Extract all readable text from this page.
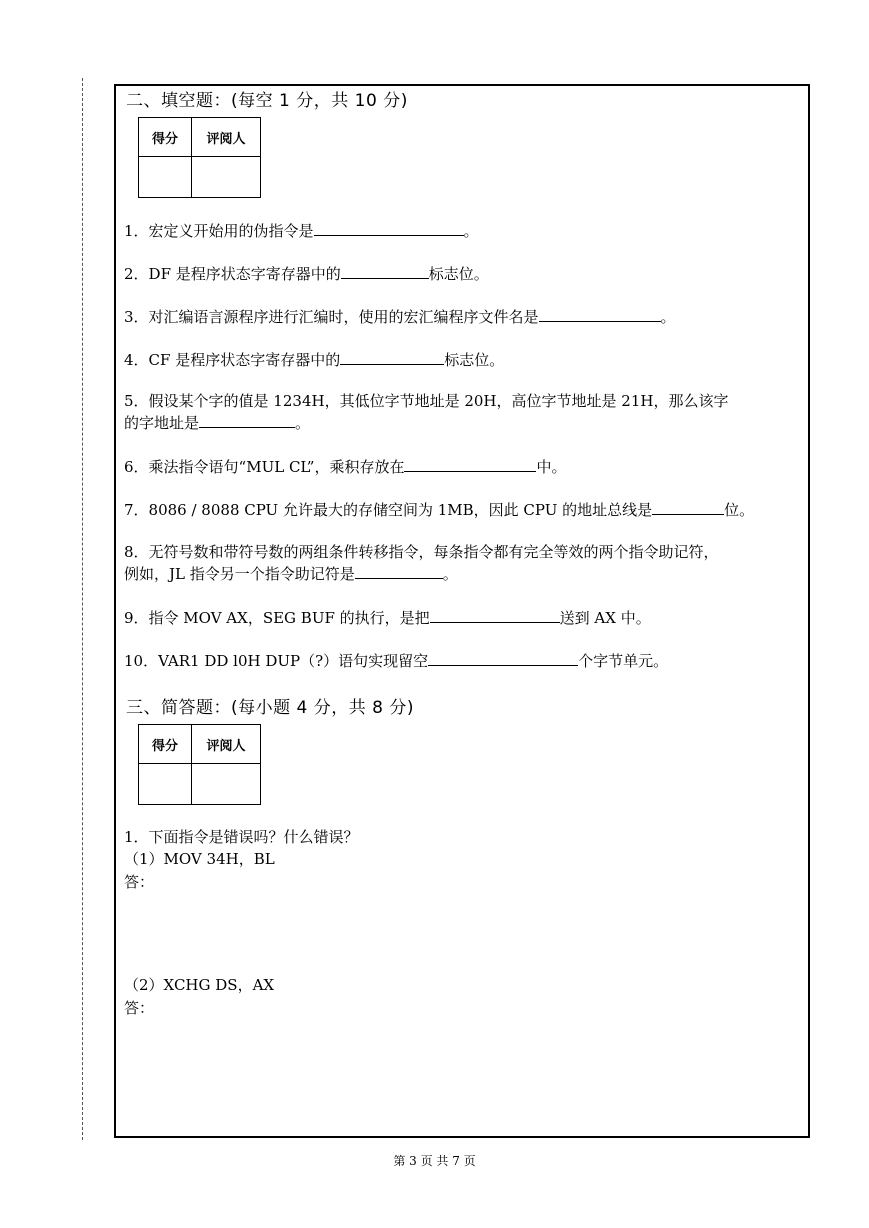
二、填空题：(每空 1 分，共 10 分)
得分	评阅人

1．宏定义开始用的伪指令是	。
2．DF 是程序状态字寄存器中的	标志位。
3．对汇编语言源程序进行汇编时，使用的宏汇编程序文件名是	。
4．CF 是程序状态字寄存器中的	标志位。
5．假设某个字的值是 1234H，其低位字节地址是 20H，高位字节地址是 21H，那么该字
的字地址是	。
6．乘法指令语句“MUL CL”，乘积存放在	中。
7．8086 / 8088 CPU 允许最大的存储空间为 1MB，因此 CPU 的地址总线是	位。
8．无符号数和带符号数的两组条件转移指令，每条指令都有完全等效的两个指令助记符，
例如，JL 指令另一个指令助记符是	。
9．指令 MOV AX，SEG BUF 的执行，是把	送到 AX 中。
10．VAR1 DD l0H DUP（?）语句实现留空	个字节单元。
三、简答题：(每小题 4 分，共 8 分)
得分	评阅人

1．下面指令是错误吗？什么错误？
（1）MOV 34H，BL
答：
（2）XCHG DS，AX
答：
第 3 页 共 7 页
